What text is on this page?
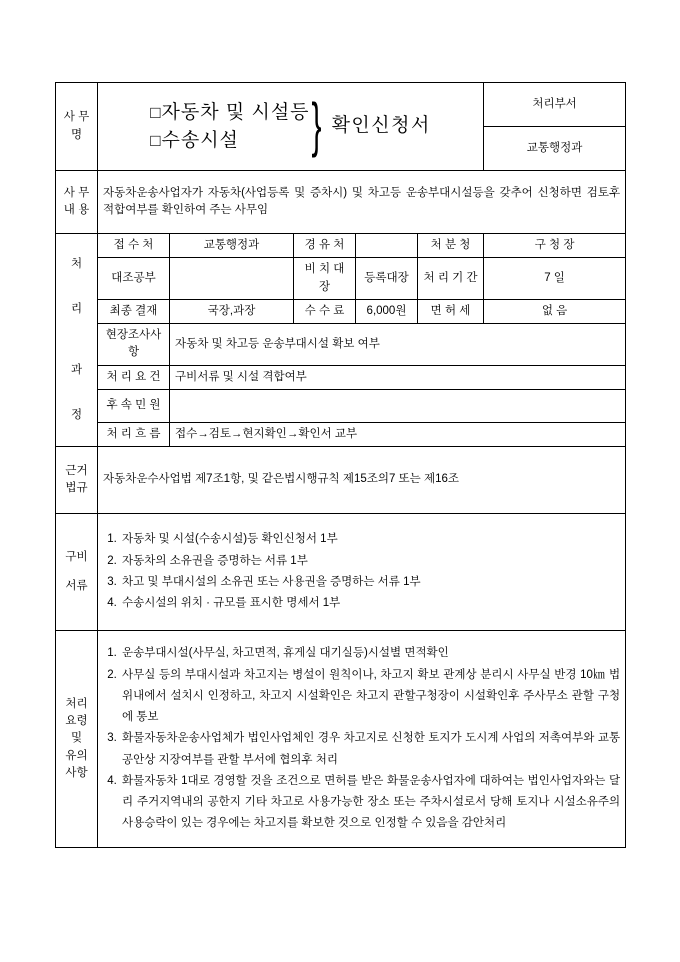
사 무 명	□자동차 및 시설등
□수송시설 } 확인신청서					처리부서
						교통행정과

사 무
내 용	자동차운송사업자가 자동차(사업등록 및 증차시) 및 차고등 운송부대시설등을 갖추어 신청하면 검토후 적합여부를 확인하여 주는 사무임					

처
리
과
정	접 수 처	교통행정과	경 유 처		처 분 청	구 청 장
	대조공부		비 치 대 장	등록대장	처 리 기 간	7 일
	최종 결재	국장,과장	수 수 료	6,000원	면 허 세	없 음
	현장조사사항	자동차 및 차고등 운송부대시설 확보 여부				
	처 리 요 건	구비서류 및 시설 격합여부				
	후 속 민 원					
	처 리 흐 름	접수→검토→현지확인→확인서 교부				

근거
법규	자동차운수사업법 제7조1항, 및 같은법시행규칙 제15조의7 또는 제16조					

구비
서류

1. 자동차 및 시설(수송시설)등 확인신청서 1부
2. 자동차의 소유권을 증명하는 서류 1부
3. 차고 및 부대시설의 소유권 또는 사용권을 증명하는 서류 1부
4. 수송시설의 위치 · 규모를 표시한 명세서 1부

처리
요령
및
유의
사항

1. 운송부대시설(사무실, 차고면적, 휴게실 대기실등)시설별 면적확인
2. 사무실 등의 부대시설과 차고지는 병설이 원칙이나, 차고지 확보 관계상 분리시 사무실 반경 10㎞ 법위내에서 설치시 인정하고, 차고지 시설확인은 차고지 관할구청장이 시설확인후 주사무소 관할 구청에 통보
3. 화물자동차운송사업체가 법인사업체인 경우 차고지로 신청한 토지가 도시계 사업의 저촉여부와 교통공안상 지장여부를 관할 부서에 협의후 처리
4. 화물자동차 1대로 경영할 것을 조건으로 면허를 받은 화물운송사업자에 대하여는 법인사업자와는 달리 주거지역내의 공한지 기타 차고로 사용가능한 장소 또는 주차시설로서 당해 토지나 시설소유주의 사용승락이 있는 경우에는 차고지를 확보한 것으로 인정할 수 있음을 감안처리
